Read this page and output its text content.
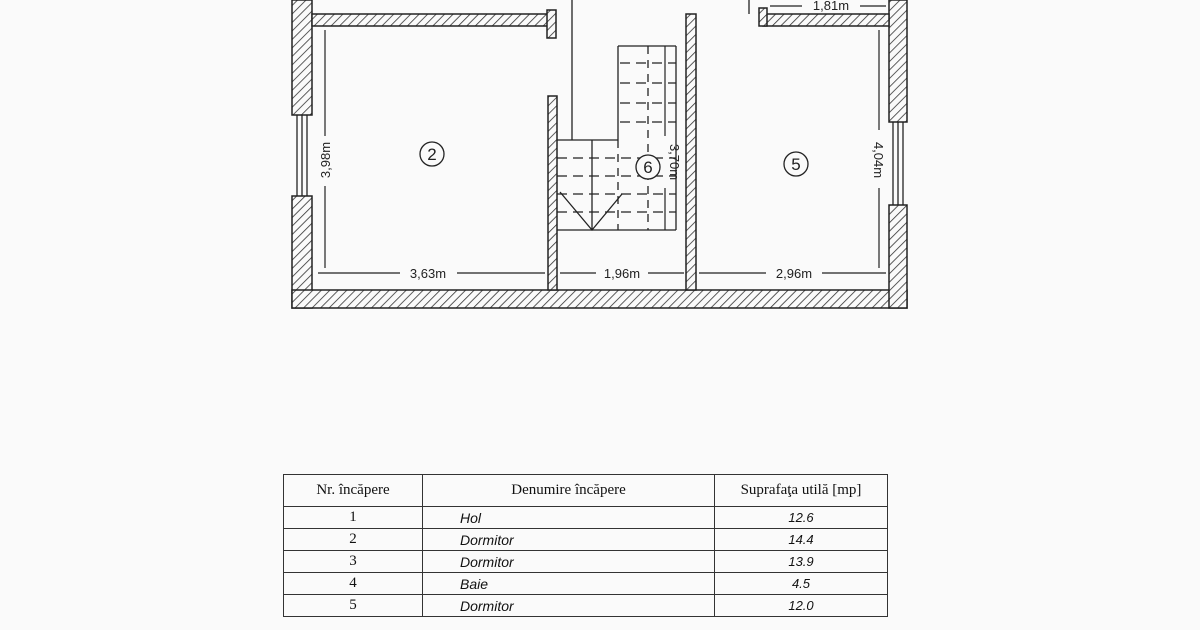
3,63m	1,96m	2,96m
1,81m
3,98m	3,70m	4,04m
2
6	5
Nr. încăpere	Denumire încăpere	Suprafaţa utilă [mp]
1	Hol	12.6
2	Dormitor	14.4
3	Dormitor	13.9
4	Baie	4.5
5	Dormitor	12.0
